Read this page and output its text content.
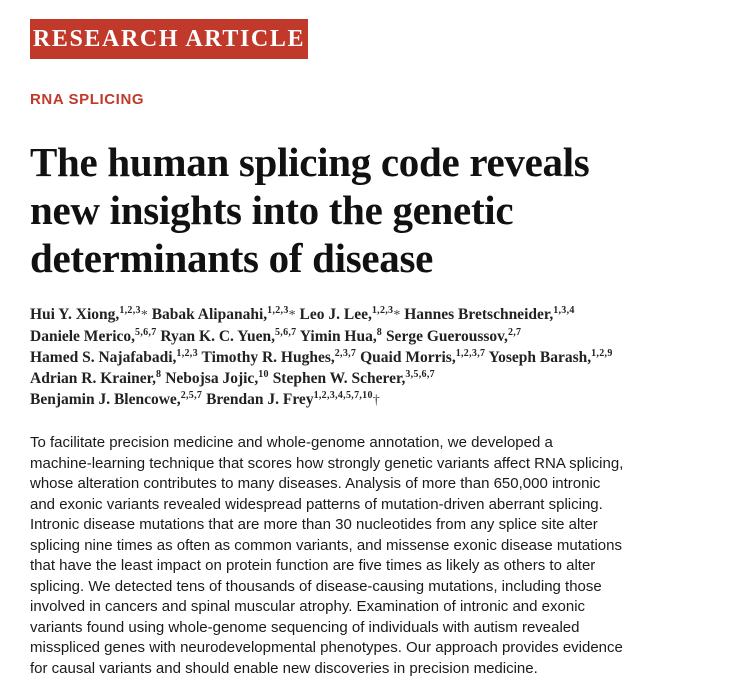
RESEARCH ARTICLE
RNA SPLICING
The human splicing code reveals
new insights into the genetic
determinants of disease
Hui Y. Xiong,$^{1,2,3}$* Babak Alipanahi,$^{1,2,3}$* Leo J. Lee,$^{1,2,3}$* Hannes Bretschneider,$^{1,3,4}$
Daniele Merico,$^{5,6,7}$ Ryan K. C. Yuen,$^{5,6,7}$ Yimin Hua,$^8$ Serge Gueroussov,$^{2,7}$
Hamed S. Najafabadi,$^{1,2,3}$ Timothy R. Hughes,$^{2,3,7}$ Quaid Morris,$^{1,2,3,7}$ Yoseph Barash,$^{1,2,9}$
Adrian R. Krainer,$^8$ Nebojsa Jojic,$^{10}$ Stephen W. Scherer,$^{3,5,6,7}$
Benjamin J. Blencowe,$^{2,5,7}$ Brendan J. Frey$^{1,2,3,4,5,7,10}$†

To facilitate precision medicine and whole-genome annotation, we developed a
machine-learning technique that scores how strongly genetic variants affect RNA splicing,
whose alteration contributes to many diseases. Analysis of more than 650,000 intronic
and exonic variants revealed widespread patterns of mutation-driven aberrant splicing.
Intronic disease mutations that are more than 30 nucleotides from any splice site alter
splicing nine times as often as common variants, and missense exonic disease mutations
that have the least impact on protein function are five times as likely as others to alter
splicing. We detected tens of thousands of disease-causing mutations, including those
involved in cancers and spinal muscular atrophy. Examination of intronic and exonic
variants found using whole-genome sequencing of individuals with autism revealed
misspliced genes with neurodevelopmental phenotypes. Our approach provides evidence
for causal variants and should enable new discoveries in precision medicine.
